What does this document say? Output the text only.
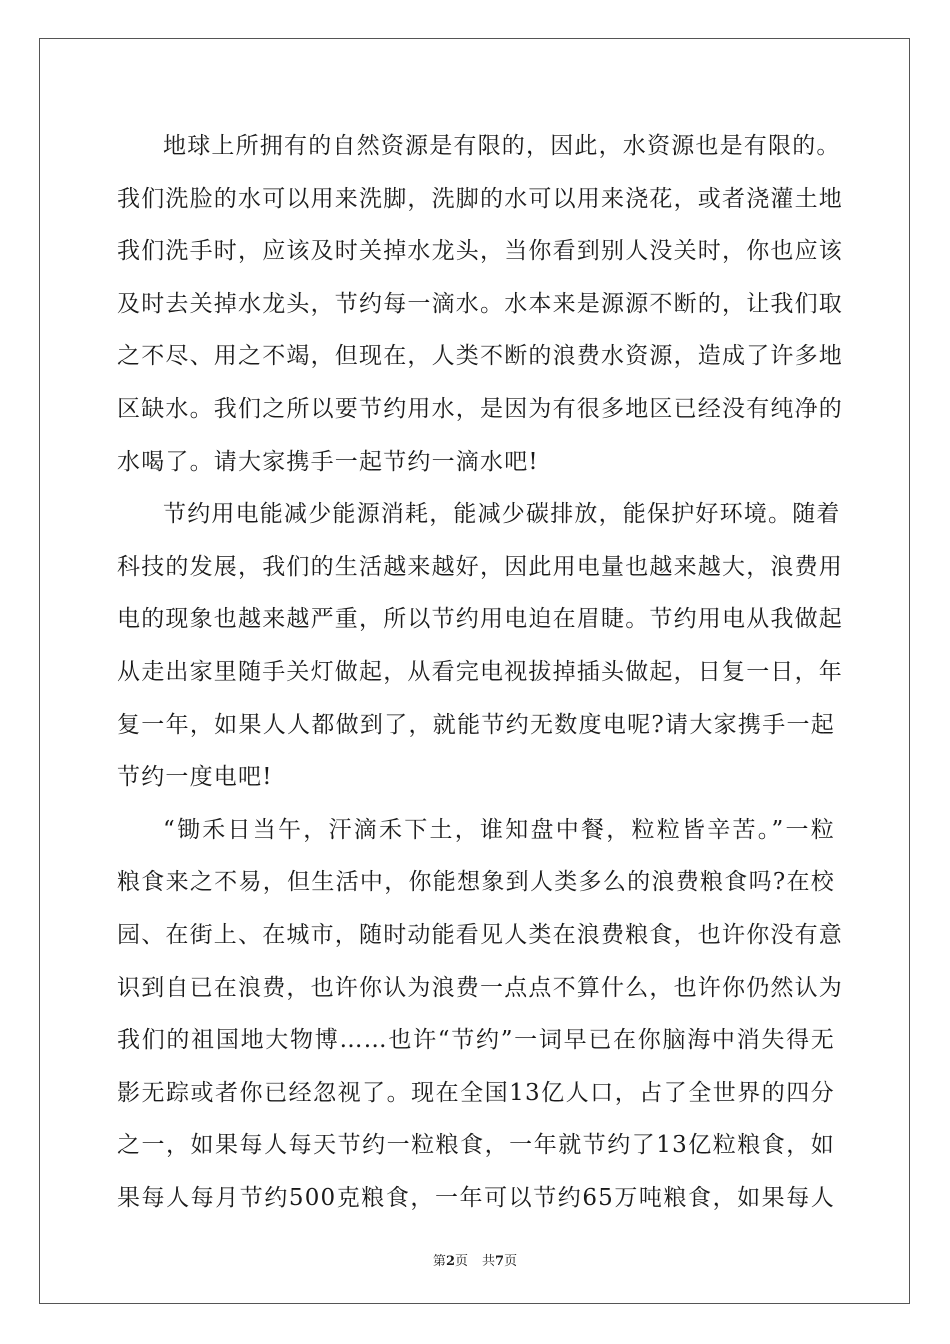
地球上所拥有的自然资源是有限的，因此，水资源也是有限的。
我们洗脸的水可以用来洗脚，洗脚的水可以用来浇花，或者浇灌土地
我们洗手时，应该及时关掉水龙头，当你看到别人没关时，你也应该
及时去关掉水龙头，节约每一滴水。水本来是源源不断的，让我们取
之不尽、用之不竭，但现在，人类不断的浪费水资源，造成了许多地
区缺水。我们之所以要节约用水，是因为有很多地区已经没有纯净的
水喝了。请大家携手一起节约一滴水吧!

节约用电能减少能源消耗，能减少碳排放，能保护好环境。随着
科技的发展，我们的生活越来越好，因此用电量也越来越大，浪费用
电的现象也越来越严重，所以节约用电迫在眉睫。节约用电从我做起
从走出家里随手关灯做起，从看完电视拔掉插头做起，日复一日，年
复一年，如果人人都做到了，就能节约无数度电呢?请大家携手一起
节约一度电吧!

“锄禾日当午，汗滴禾下土，谁知盘中餐，粒粒皆辛苦。”一粒
粮食来之不易，但生活中，你能想象到人类多么的浪费粮食吗?在校
园、在街上、在城市，随时动能看见人类在浪费粮食，也许你没有意
识到自已在浪费，也许你认为浪费一点点不算什么，也许你仍然认为
我们的祖国地大物博……也许“节约”一词早已在你脑海中消失得无
影无踪或者你已经忽视了。现在全国13亿人口，占了全世界的四分
之一，如果每人每天节约一粒粮食，一年就节约了13亿粒粮食，如
果每人每月节约500克粮食，一年可以节约65万吨粮食，如果每人

第2页 共7页
